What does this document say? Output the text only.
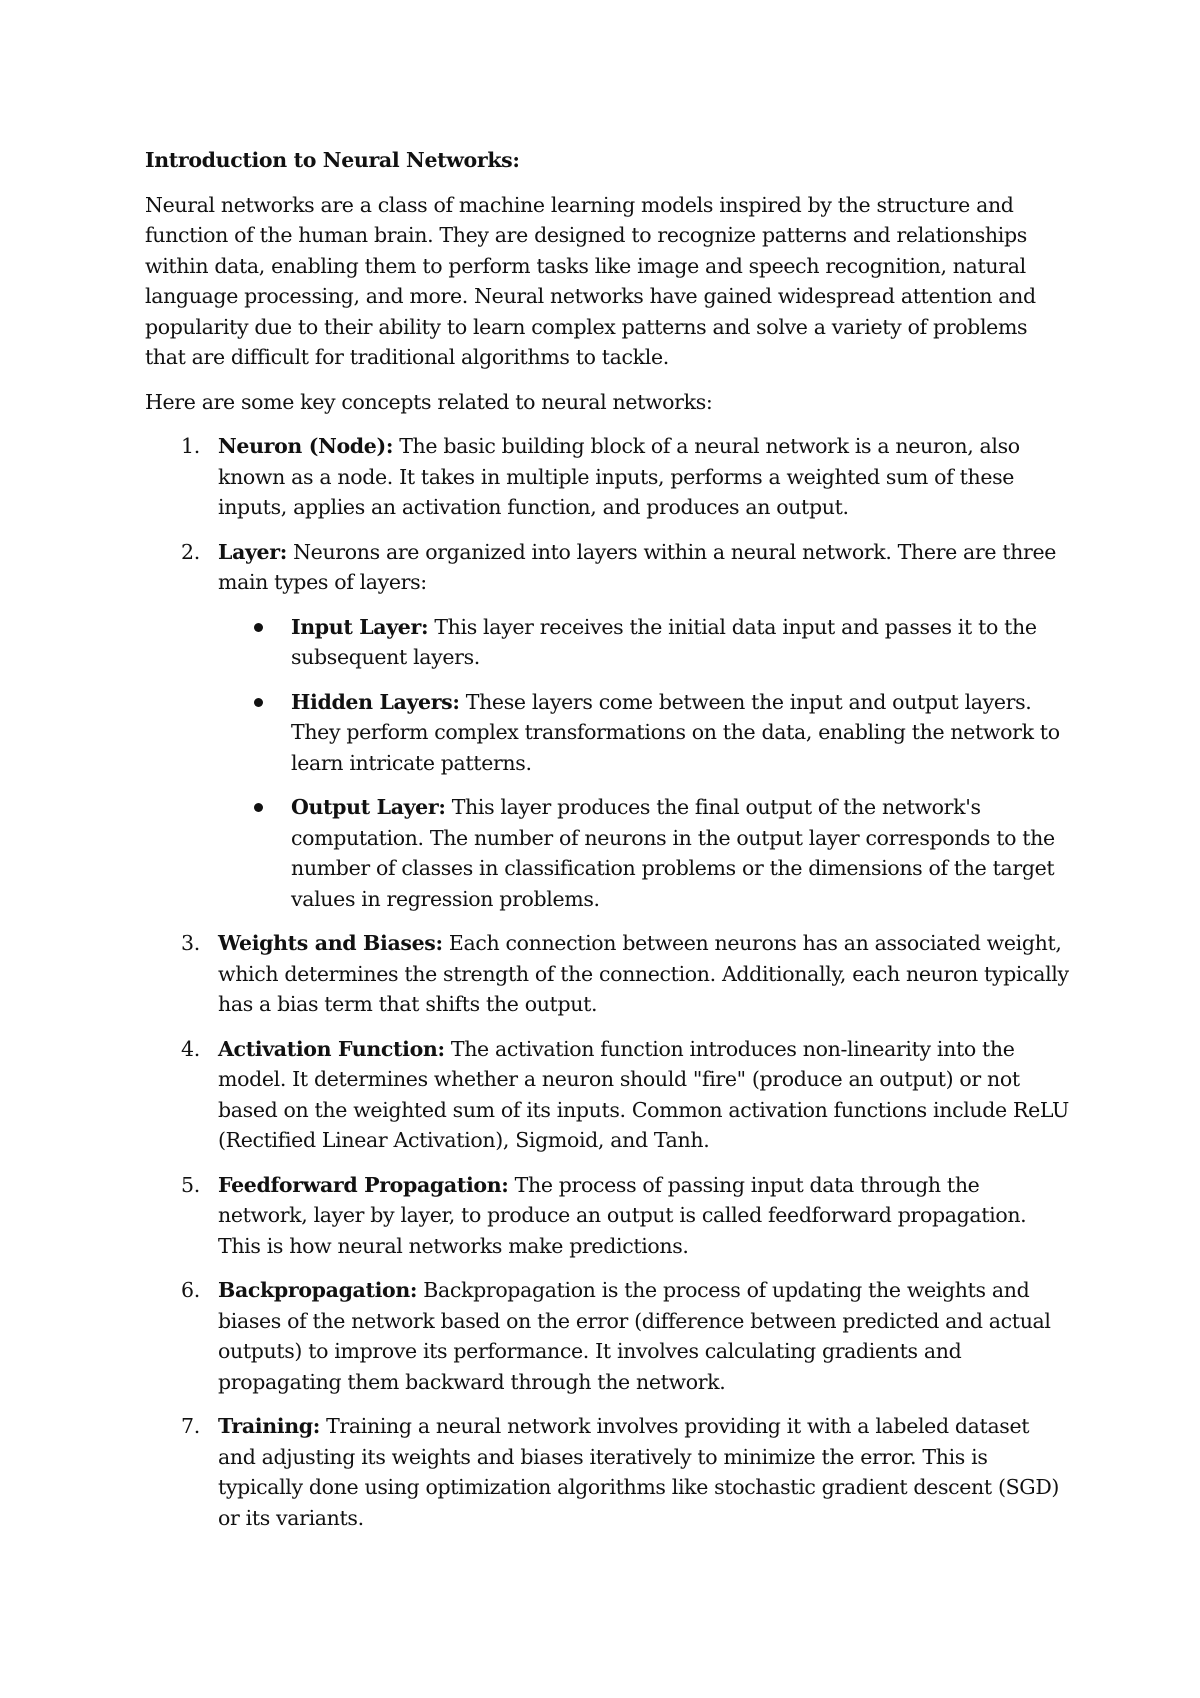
Introduction to Neural Networks:

Neural networks are a class of machine learning models inspired by the structure and function of the human brain. They are designed to recognize patterns and relationships within data, enabling them to perform tasks like image and speech recognition, natural language processing, and more. Neural networks have gained widespread attention and popularity due to their ability to learn complex patterns and solve a variety of problems that are difficult for traditional algorithms to tackle.

Here are some key concepts related to neural networks:

1. Neuron (Node): The basic building block of a neural network is a neuron, also known as a node. It takes in multiple inputs, performs a weighted sum of these inputs, applies an activation function, and produces an output.
2. Layer: Neurons are organized into layers within a neural network. There are three main types of layers:
Input Layer: This layer receives the initial data input and passes it to the subsequent layers.
Hidden Layers: These layers come between the input and output layers. They perform complex transformations on the data, enabling the network to learn intricate patterns.
Output Layer: This layer produces the final output of the network's computation. The number of neurons in the output layer corresponds to the number of classes in classification problems or the dimensions of the target values in regression problems.
3. Weights and Biases: Each connection between neurons has an associated weight, which determines the strength of the connection. Additionally, each neuron typically has a bias term that shifts the output.
4. Activation Function: The activation function introduces non-linearity into the model. It determines whether a neuron should "fire" (produce an output) or not based on the weighted sum of its inputs. Common activation functions include ReLU (Rectified Linear Activation), Sigmoid, and Tanh.
5. Feedforward Propagation: The process of passing input data through the network, layer by layer, to produce an output is called feedforward propagation. This is how neural networks make predictions.
6. Backpropagation: Backpropagation is the process of updating the weights and biases of the network based on the error (difference between predicted and actual outputs) to improve its performance. It involves calculating gradients and propagating them backward through the network.
7. Training: Training a neural network involves providing it with a labeled dataset and adjusting its weights and biases iteratively to minimize the error. This is typically done using optimization algorithms like stochastic gradient descent (SGD) or its variants.
